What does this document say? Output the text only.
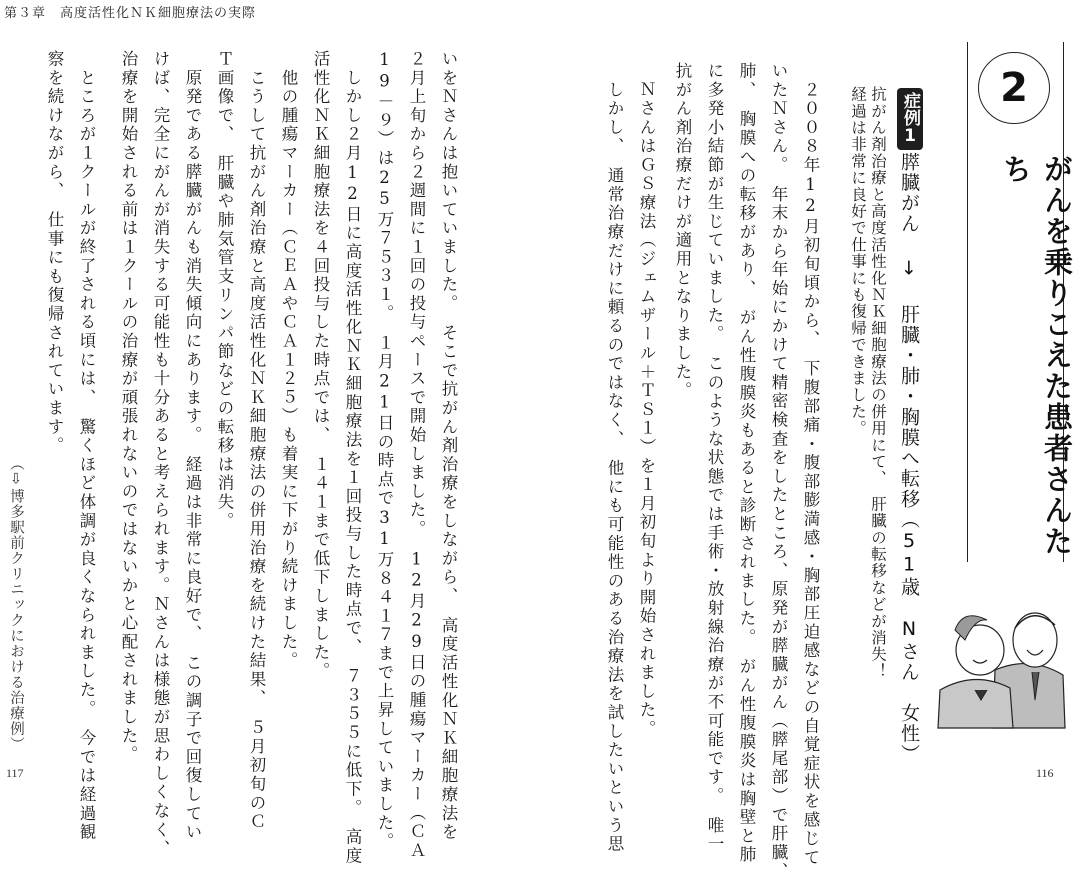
第３章　高度活性化ＮＫ細胞療法の実際
2
がんを乗りこえた患者さんたち
症例1
膵臓がん ↓ 肝臓・肺・胸膜へ転移（51歳　Nさん　女性）
抗がん剤治療と高度活性化ＮＫ細胞療法の併用にて、　肝臓の転移などが消失！
経過は非常に良好で仕事にも復帰できました。
　２００８年12月初旬頃から、　下腹部痛・腹部膨満感・胸部圧迫感などの自覚症状を感じて
いたＮさん。　年末から年始にかけて精密検査をしたところ、原発が膵臓がん（膵尾部）で肝臓、
肺、　胸膜への転移があり、　がん性腹膜炎もあると診断されました。　がん性腹膜炎は胸壁と肺
に多発小結節が生じていました。　このような状態では手術・放射線治療が不可能です。　唯一
抗がん剤治療だけが適用となりました。
　ＮさんはＧＳ療法（ジェムザール＋ＴＳ１）を１月初旬より開始されました。
　しかし、　通常治療だけに頼るのではなく、　他にも可能性のある治療法を試したいという思
いをＮさんは抱いていました。　そこで抗がん剤治療をしながら、　高度活性化ＮＫ細胞療法を
２月上旬から２週間に１回の投与ペースで開始しました。　12月29日の腫瘍マーカー（ＣＡ
19－９）は25万７５３１。　１月21日の時点で31万８４１７まで上昇していました。
　しかし２月12日に高度活性化ＮＫ細胞療法を１回投与した時点で、　７３５５に低下。　高度
活性化ＮＫ細胞療法を４回投与した時点では、　１４１まで低下しました。
　他の腫瘍マーカー（ＣＥＡやＣＡ１２５）も着実に下がり続けました。
　こうして抗がん剤治療と高度活性化ＮＫ細胞療法の併用治療を続けた結果、　５月初旬のＣ
Ｔ画像で、　肝臓や肺気管支リンパ節などの転移は消失。
　原発である膵臓がんも消失傾向にあります。　経過は非常に良好で、　この調子で回復してい
けば、完全にがんが消失する可能性も十分あると考えられます。Ｎさんは様態が思わしくなく、
治療を開始される前は１クールの治療が頑張れないのではないかと心配されました。
　ところが１クールが終了される頃には、　驚くほど体調が良くなられました。　今では経過観
察を続けながら、　仕事にも復帰されています。
（⇩博多駅前クリニックにおける治療例）
117	116
